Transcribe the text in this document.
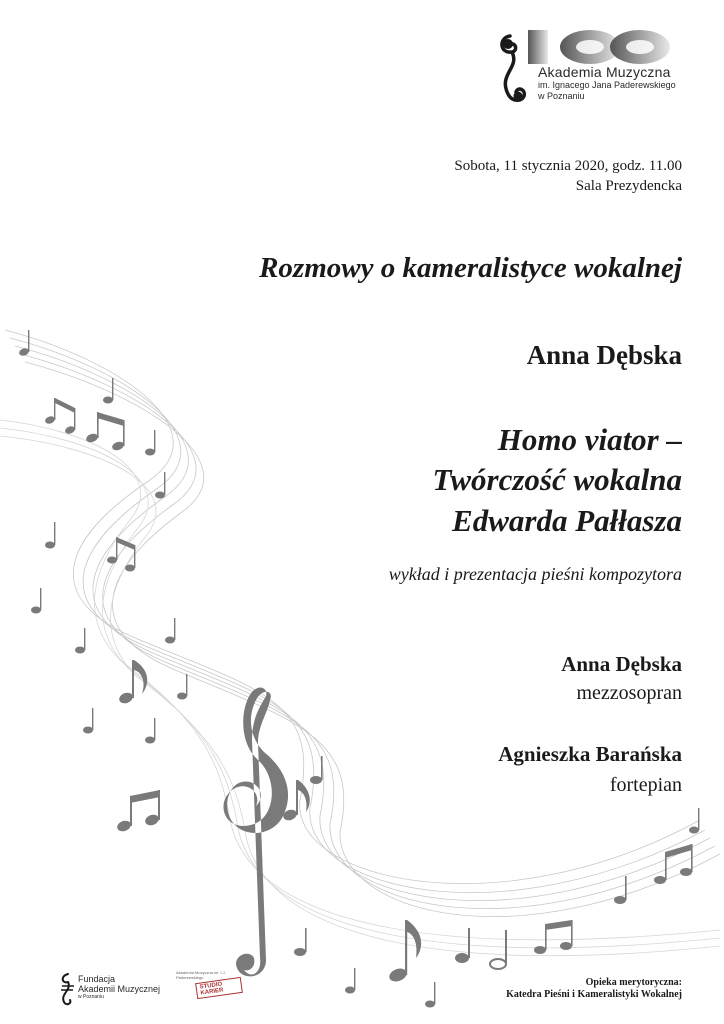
Akademia Muzyczna
im. Ignacego Jana Paderewskiego
w Poznaniu
Sobota, 11 stycznia 2020, godz. 11.00
Sala Prezydencka
Rozmowy o kameralistyce wokalnej
Anna Dębska
Homo viator –
Twórczość wokalna
Edwarda Pałłasza
wykład i prezentacja pieśni kompozytora
Anna Dębska
mezzosopran
Agnieszka Barańska
fortepian
Fundacja
Akademii Muzycznej
w Poznaniu
Akademia Muzyczna im. I.J. Paderewskiego
STUDIO KARIER
Opieka merytoryczna:
Katedra Pieśni i Kameralistyki Wokalnej
